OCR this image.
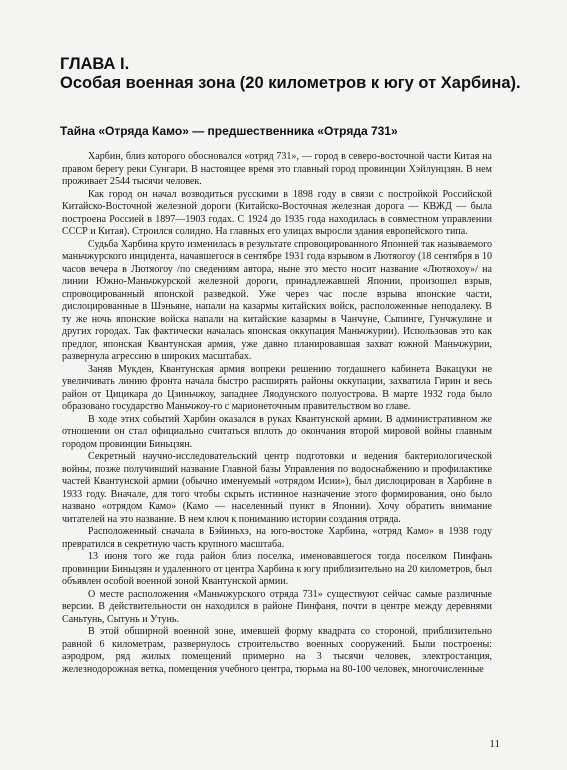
ГЛАВА I.
Особая военная зона (20 километров к югу от Харбина).
Тайна «Отряда Камо» — предшественника «Отряда 731»

Харбин, близ которого обосновался «отряд 731», — город в северо-восточной части Китая на правом берегу реки Сунгари. В настоящее время это главный город провинции Хэйлунцзян. В нем проживает 2544 тысячи человек.

Как город он начал возводиться русскими в 1898 году в связи с постройкой Российской Китайско-Восточной железной дороги (Китайско-Восточная железная дорога — КВЖД — была построена Россией в 1897—1903 годах. С 1924 до 1935 года находилась в совместном управлении СССР и Китая). Строился солидно. На главных его улицах выросли здания европейского типа.

Судьба Харбина круто изменилась в результате спровоцированного Японией так называемого маньчжурского инцидента, начавшегося в сентябре 1931 года взрывом в Лютяогоу (18 сентября в 10 часов вечера в Лютяогоу /по сведениям автора, ныне это место носит название «Лютяохоу»/ на линии Южно-Маньчжурской железной дороги, принадлежавшей Японии, произошел взрыв, спровоцированный японской разведкой. Уже через час после взрыва японские части, дислоцированные в Шэньяне, напали на казармы китайских войск, расположенные неподалеку. В ту же ночь японские войска напали на китайские казармы в Чанчуне, Сыпинге, Гунчжулине и других городах. Так фактически началась японская оккупация Маньчжурии). Использовав это как предлог, японская Квантунская армия, уже давно планировавшая захват южной Маньчжурии, развернула агрессию в широких масштабах.

Заняв Мукден, Квантунская армия вопреки решению тогдашнего кабинета Вакацуки не увеличивать линию фронта начала быстро расширять районы оккупации, захватила Гирин и весь район от Цицикара до Цзиньчжоу, западнее Ляодунского полуострова. В марте 1932 года было образовано государство Маньчжоу-го с марионеточным правительством во главе.

В ходе этих событий Харбин оказался в руках Квантунской армии. В административном же отношении он стал официально считаться вплоть до окончания второй мировой войны главным городом провинции Биньцзян.

Секретный научно-исследовательский центр подготовки и ведения бактериологической войны, позже получивший название Главной базы Управления по водоснабжению и профилактике частей Квантунской армии (обычно именуемый «отрядом Исии»), был дислоцирован в Харбине в 1933 году. Вначале, для того чтобы скрыть истинное назначение этого формирования, оно было названо «отрядом Камо» (Камо — населенный пункт в Японии). Хочу обратить внимание читателей на это название. В нем ключ к пониманию истории создания отряда.

Расположенный сначала в Бэйиньхэ, на юго-востоке Харбина, «отряд Камо» в 1938 году превратился в секретную часть крупного масштаба.

13 июня того же года район близ поселка, именовавшегося тогда поселком Пинфань провинции Биньцзян и удаленного от центра Харбина к югу приблизительно на 20 километров, был объявлен особой военной зоной Квантунской армии.

О месте расположения «Маньчжурского отряда 731» существуют сейчас самые различные версии. В действительности он находился в районе Пинфаня, почти в центре между деревнями Саньтунь, Сытунь и Утунь.

В этой обширной военной зоне, имевшей форму квадрата со стороной, приблизительно равной 6 километрам, развернулось строительство военных сооружений. Были построены: аэродром, ряд жилых помещений примерно на 3 тысячи человек, электростанция, железнодорожная ветка, помещения учебного центра, тюрьма на 80-100 человек, многочисленные

11
